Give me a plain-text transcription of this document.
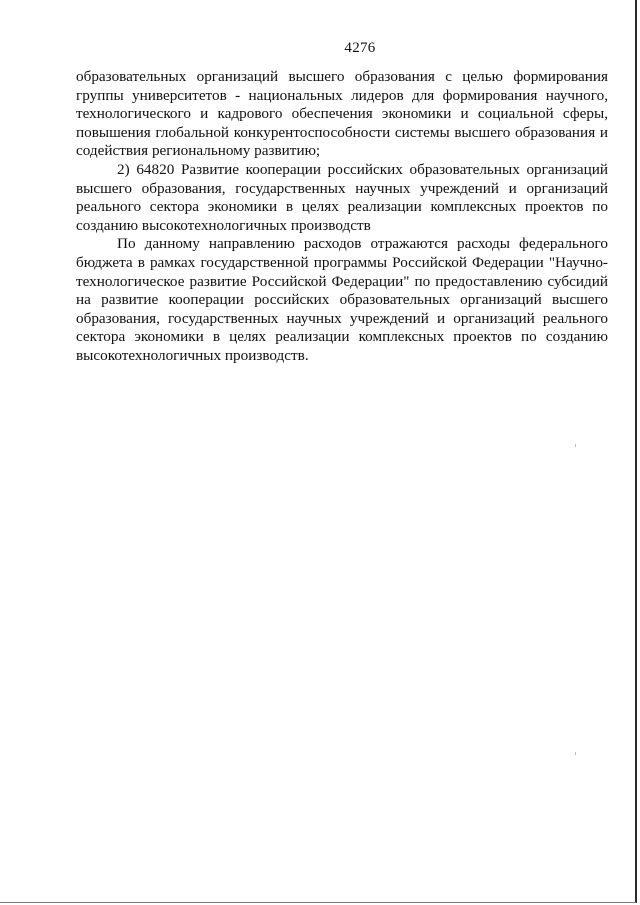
4276

образовательных организаций высшего образования с целью формирования группы университетов - национальных лидеров для формирования научного, технологического и кадрового обеспечения экономики и социальной сферы, повышения глобальной конкурентоспособности системы высшего образования и содействия региональному развитию;

2) 64820 Развитие кооперации российских образовательных организаций высшего образования, государственных научных учреждений и организаций реального сектора экономики в целях реализации комплексных проектов по созданию высокотехнологичных производств

По данному направлению расходов отражаются расходы федерального бюджета в рамках государственной программы Российской Федерации "Научно-технологическое развитие Российской Федерации" по предоставлению субсидий на развитие кооперации российских образовательных организаций высшего образования, государственных научных учреждений и организаций реального сектора экономики в целях реализации комплексных проектов по созданию высокотехнологичных производств.
